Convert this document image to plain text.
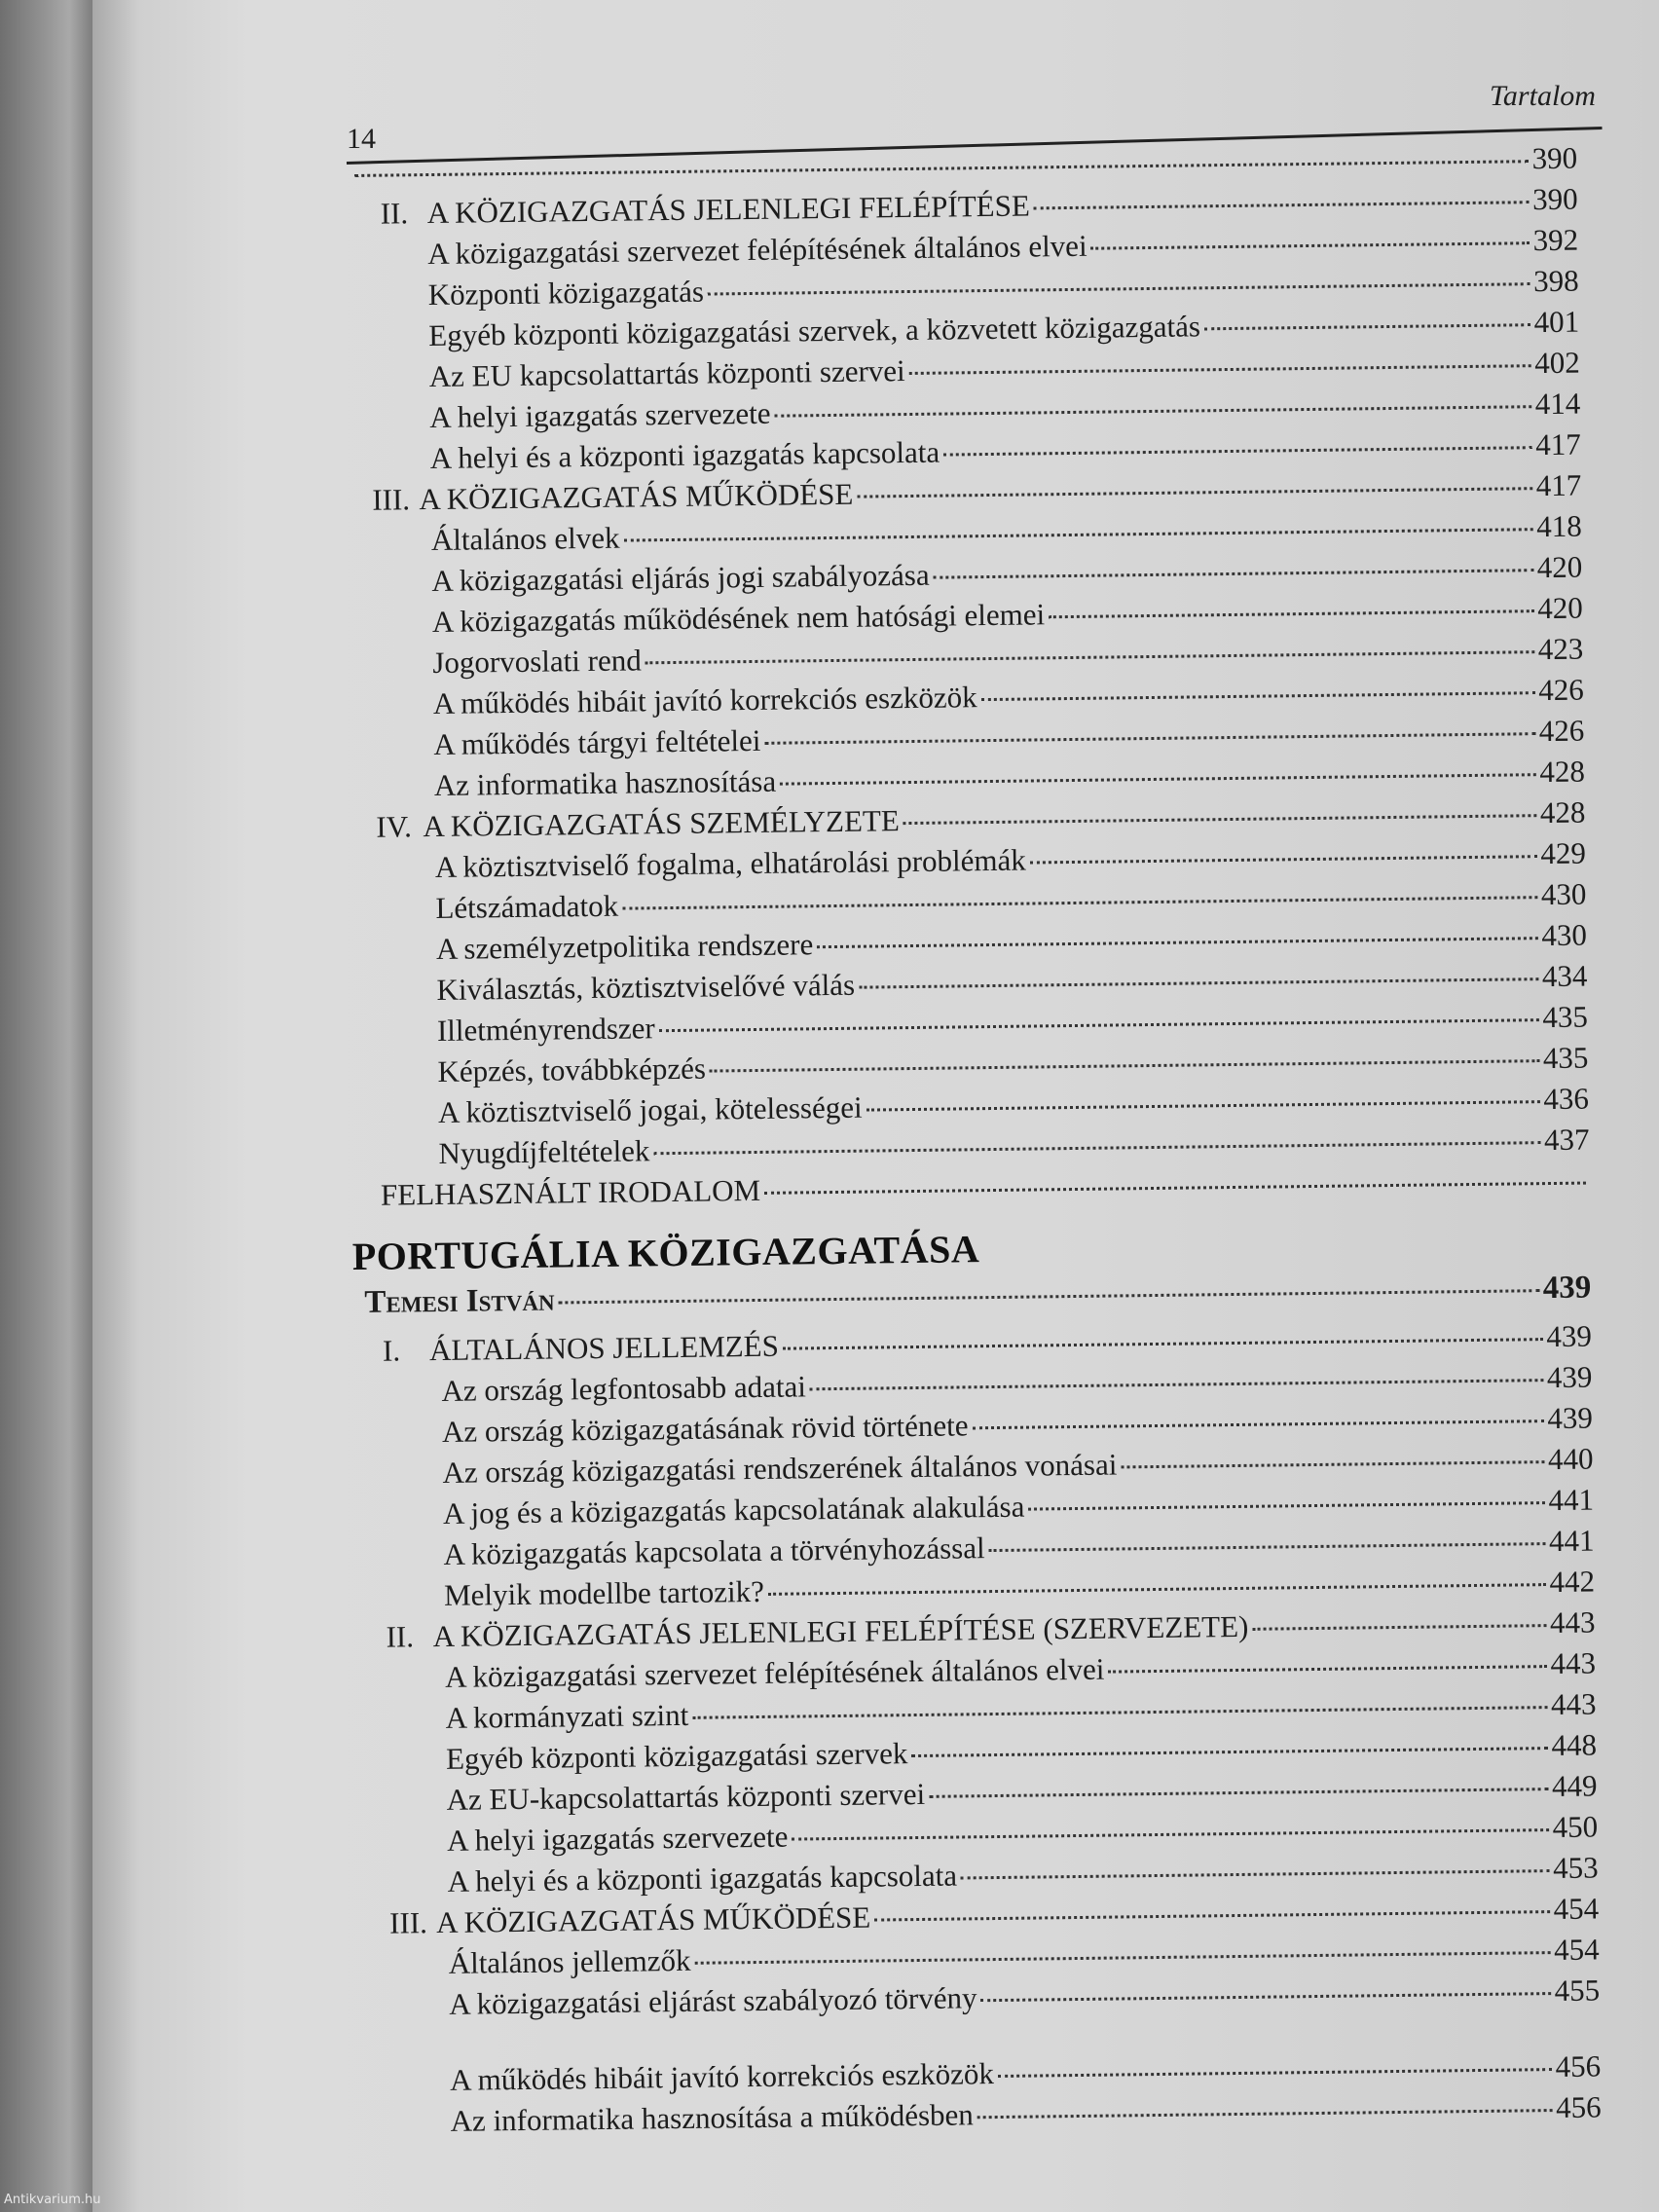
14
Tartalom
390
II. A KÖZIGAZGATÁS JELENLEGI FELÉPÍTÉSE	390
A közigazgatási szervezet felépítésének általános elvei	392
Központi közigazgatás	398
Egyéb központi közigazgatási szervek, a közvetett közigazgatás	401
Az EU kapcsolattartás központi szervei	402
A helyi igazgatás szervezete	414
A helyi és a központi igazgatás kapcsolata	417
III. A KÖZIGAZGATÁS MŰKÖDÉSE	417
Általános elvek	418
A közigazgatási eljárás jogi szabályozása	420
A közigazgatás működésének nem hatósági elemei	420
Jogorvoslati rend	423
A működés hibáit javító korrekciós eszközök	426
A működés tárgyi feltételei	426
Az informatika hasznosítása	428
IV. A KÖZIGAZGATÁS SZEMÉLYZETE	428
A köztisztviselő fogalma, elhatárolási problémák	429
Létszámadatok	430
A személyzetpolitika rendszere	430
Kiválasztás, köztisztviselővé válás	434
Illetményrendszer	435
Képzés, továbbképzés	435
A köztisztviselő jogai, kötelességei	436
Nyugdíjfeltételek	437
FELHASZNÁLT IRODALOM
PORTUGÁLIA KÖZIGAZGATÁSA
Temesi István	439
I. ÁLTALÁNOS JELLEMZÉS	439
Az ország legfontosabb adatai	439
Az ország közigazgatásának rövid története	439
Az ország közigazgatási rendszerének általános vonásai	440
A jog és a közigazgatás kapcsolatának alakulása	441
A közigazgatás kapcsolata a törvényhozással	441
Melyik modellbe tartozik?	442
II. A KÖZIGAZGATÁS JELENLEGI FELÉPÍTÉSE (SZERVEZETE)	443
A közigazgatási szervezet felépítésének általános elvei	443
A kormányzati szint	443
Egyéb központi közigazgatási szervek	448
Az EU-kapcsolattartás központi szervei	449
A helyi igazgatás szervezete	450
A helyi és a központi igazgatás kapcsolata	453
III. A KÖZIGAZGATÁS MŰKÖDÉSE	454
Általános jellemzők	454
A közigazgatási eljárást szabályozó törvény	455
A működés hibáit javító korrekciós eszközök	456
Az informatika hasznosítása a működésben	456
Antikvarium.hu
